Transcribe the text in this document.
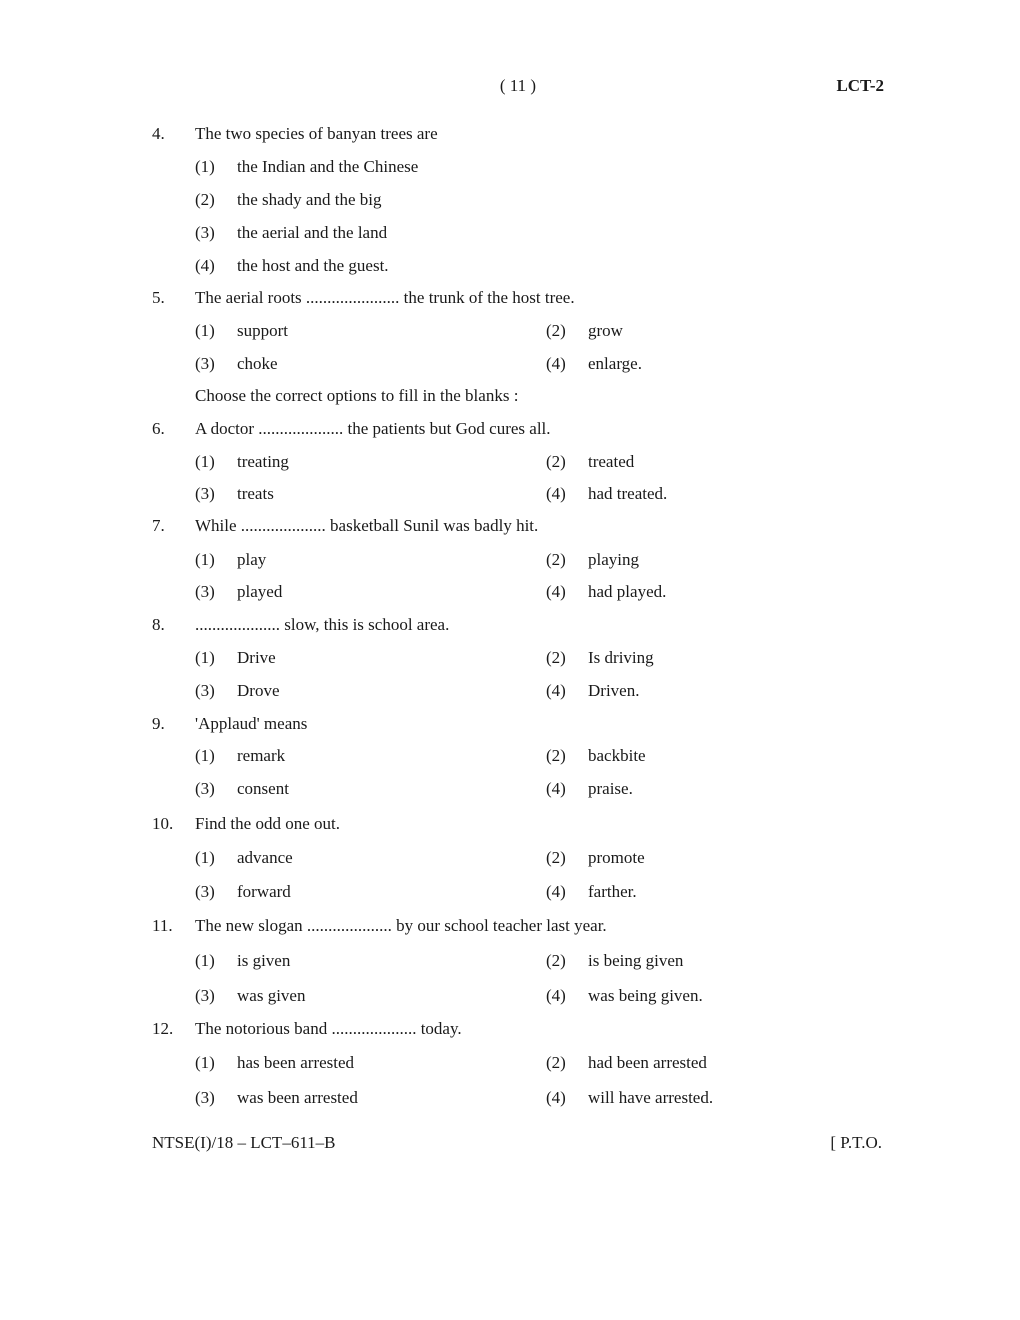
( 11 )	LCT-2
4. The two species of banyan trees are
(1) the Indian and the Chinese
(2) the shady and the big
(3) the aerial and the land
(4) the host and the guest.
5. The aerial roots ...................... the trunk of the host tree.
(1) support	(2) grow
(3) choke	(4) enlarge.
Choose the correct options to fill in the blanks :
6. A doctor .................... the patients but God cures all.
(1) treating	(2) treated
(3) treats	(4) had treated.
7. While .................... basketball Sunil was badly hit.
(1) play	(2) playing
(3) played	(4) had played.
8. .................... slow, this is school area.
(1) Drive	(2) Is driving
(3) Drove	(4) Driven.
9. 'Applaud' means
(1) remark	(2) backbite
(3) consent	(4) praise.
10. Find the odd one out.
(1) advance	(2) promote
(3) forward	(4) farther.
11. The new slogan .................... by our school teacher last year.
(1) is given	(2) is being given
(3) was given	(4) was being given.
12. The notorious band .................... today.
(1) has been arrested	(2) had been arrested
(3) was been arrested	(4) will have arrested.
NTSE(I)/18 – LCT–611–B	[ P.T.O.
